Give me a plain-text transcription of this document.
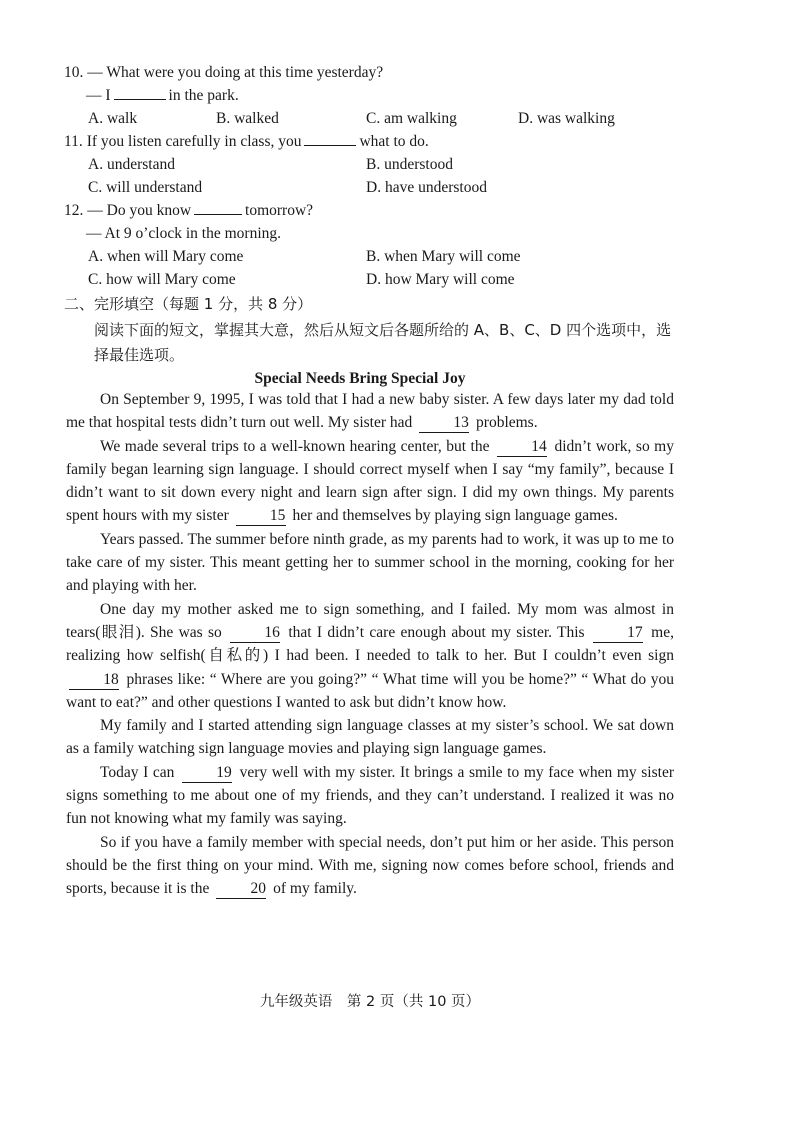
10. — What were you doing at this time yesterday?
— I	in the park.
A. walk	B. walked	C. am walking	D. was walking
11. If you listen carefully in class, you	what to do.
A. understand	B. understood
C. will understand	D. have understood
12. — Do you know	tomorrow?
— At 9 o’clock in the morning.
A. when will Mary come	B. when Mary will come
C. how will Mary come	D. how Mary will come
二、完形填空（每题 1 分，共 8 分）
阅读下面的短文，掌握其大意，然后从短文后各题所给的 A、B、C、D 四个选项中，选择最佳选项。
Special Needs Bring Special Joy

On September 9, 1995, I was told that I had a new baby sister. A few days later my dad told me that hospital tests didn’t turn out well. My sister had 13 problems.

We made several trips to a well-known hearing center, but the 14 didn’t work, so my family began learning sign language. I should correct myself when I say “my family”, because I didn’t want to sit down every night and learn sign after sign. I did my own things. My parents spent hours with my sister 15 her and themselves by playing sign language games.

Years passed. The summer before ninth grade, as my parents had to work, it was up to me to take care of my sister. This meant getting her to summer school in the morning, cooking for her and playing with her.

One day my mother asked me to sign something, and I failed. My mom was almost in tears(眼泪). She was so 16 that I didn’t care enough about my sister. This 17 me, realizing how selfish(自私的) I had been. I needed to talk to her. But I couldn’t even sign 18 phrases like: “ Where are you going?” “ What time will you be home?” “ What do you want to eat?” and other questions I wanted to ask but didn’t know how.

My family and I started attending sign language classes at my sister’s school. We sat down as a family watching sign language movies and playing sign language games.

Today I can 19 very well with my sister. It brings a smile to my face when my sister signs something to me about one of my friends, and they can’t understand. I realized it was no fun not knowing what my family was saying.

So if you have a family member with special needs, don’t put him or her aside. This person should be the first thing on your mind. With me, signing now comes before school, friends and sports, because it is the 20 of my family.

九年级英语　第 2 页（共 10 页）
